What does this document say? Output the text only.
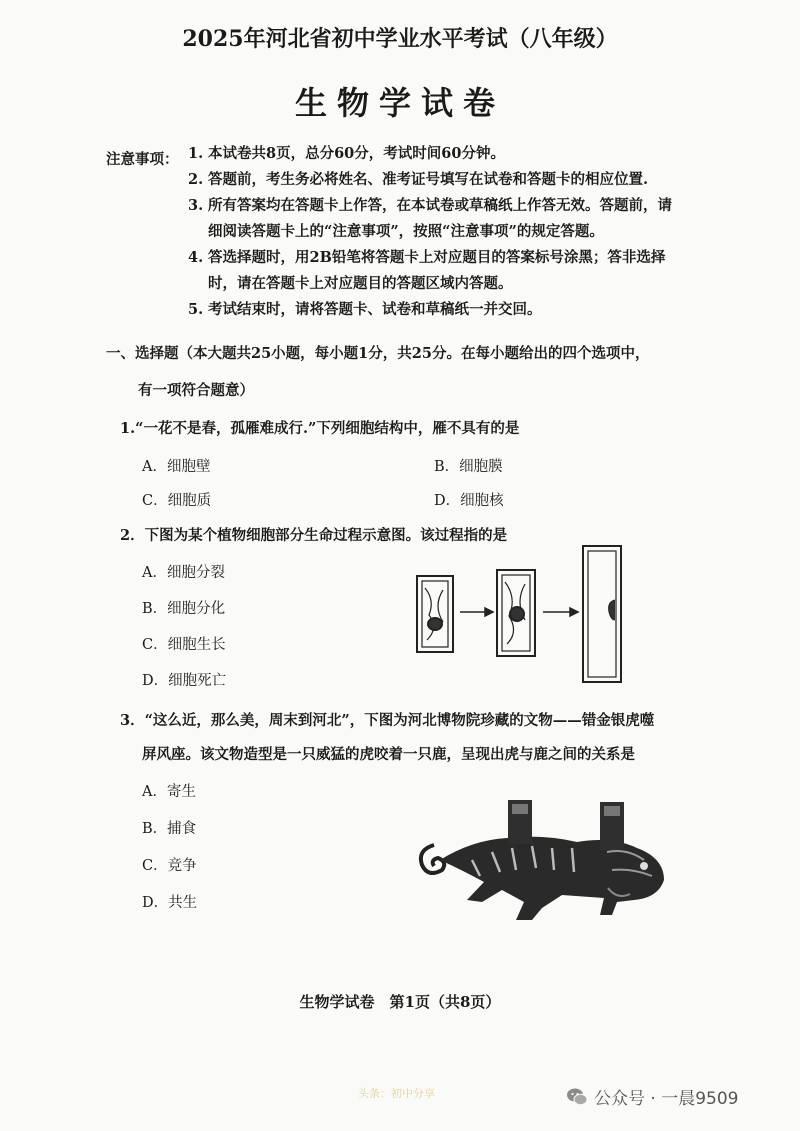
2025年河北省初中学业水平考试（八年级）
生物学试卷
注意事项： 1. 本试卷共8页，总分60分，考试时间60分钟。
2. 答题前，考生务必将姓名、准考证号填写在试卷和答题卡的相应位置.
3. 所有答案均在答题卡上作答，在本试卷或草稿纸上作答无效。答题前，请
细阅读答题卡上的“注意事项”，按照“注意事项”的规定答题。
4. 答选择题时，用2B铅笔将答题卡上对应题目的答案标号涂黑；答非选择
时，请在答题卡上对应题目的答题区域内答题。
5. 考试结束时，请将答题卡、试卷和草稿纸一并交回。
一、选择题（本大题共25小题，每小题1分，共25分。在每小题给出的四个选项中，
有一项符合题意）
1.“一花不是春，孤雁难成行.”下列细胞结构中，雁不具有的是
A．细胞壁	B．细胞膜
C．细胞质	D．细胞核
2．下图为某个植物细胞部分生命过程示意图。该过程指的是
A．细胞分裂
B．细胞分化
C．细胞生长
D．细胞死亡
3．“这么近，那么美，周末到河北”，下图为河北博物院珍藏的文物——错金银虎噬
屏风座。该文物造型是一只威猛的虎咬着一只鹿，呈现出虎与鹿之间的关系是
A．寄生
B．捕食
C．竞争
D．共生
生物学试卷　第1页（共8页）
头条：初中分享	公众号 · 一晨9509
